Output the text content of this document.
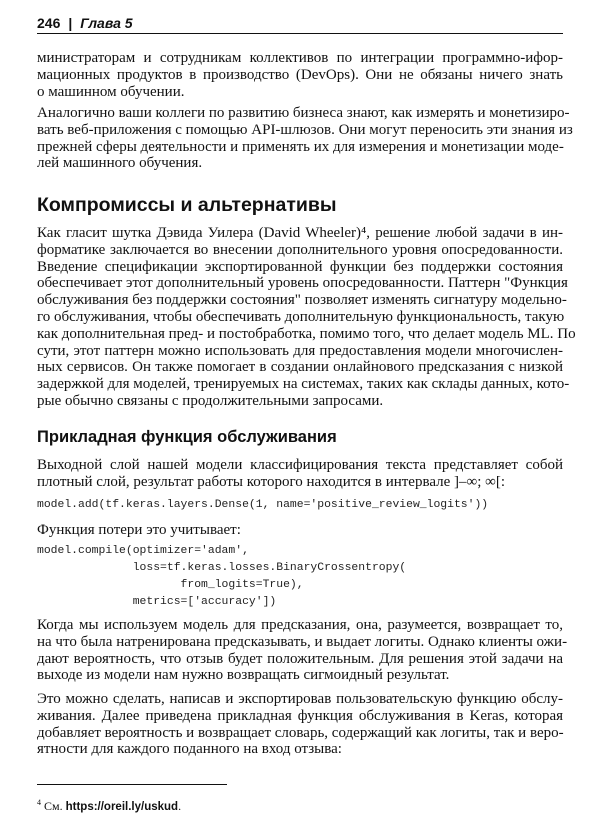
246 | Глава 5
министраторам и сотрудникам коллективов по интеграции программно-ифор-
мационных продуктов в производство (DevOps). Они не обязаны ничего знать
о машинном обучении.
Аналогично ваши коллеги по развитию бизнеса знают, как измерять и монетизиро-
вать веб-приложения с помощью API-шлюзов. Они могут переносить эти знания из
прежней сферы деятельности и применять их для измерения и монетизации моде-
лей машинного обучения.
Компромиссы и альтернативы
Как гласит шутка Дэвида Уилера (David Wheeler)⁴, решение любой задачи в ин-
форматике заключается во внесении дополнительного уровня опосредованности.
Введение спецификации экспортированной функции без поддержки состояния
обеспечивает этот дополнительный уровень опосредованности. Паттерн "Функция
обслуживания без поддержки состояния" позволяет изменять сигнатуру модельно-
го обслуживания, чтобы обеспечивать дополнительную функциональность, такую
как дополнительная пред- и постобработка, помимо того, что делает модель ML. По
сути, этот паттерн можно использовать для предоставления модели многочислен-
ных сервисов. Он также помогает в создании онлайнового предсказания с низкой
задержкой для моделей, тренируемых на системах, таких как склады данных, кото-
рые обычно связаны с продолжительными запросами.
Прикладная функция обслуживания
Выходной слой нашей модели классифицирования текста представляет собой
плотный слой, результат работы которого находится в интервале ]–∞; ∞[:
model.add(tf.keras.layers.Dense(1, name='positive_review_logits'))
Функция потери это учитывает:
model.compile(optimizer='adam',
loss=tf.keras.losses.BinaryCrossentropy(
from_logits=True),
metrics=['accuracy'])
Когда мы используем модель для предсказания, она, разумеется, возвращает то,
на что была натренирована предсказывать, и выдает логиты. Однако клиенты ожи-
дают вероятность, что отзыв будет положительным. Для решения этой задачи на
выходе из модели нам нужно возвращать сигмоидный результат.
Это можно сделать, написав и экспортировав пользовательскую функцию обслу-
живания. Далее приведена прикладная функция обслуживания в Keras, которая
добавляет вероятность и возвращает словарь, содержащий как логиты, так и веро-
ятности для каждого поданного на вход отзыва:
$^4$ См. https://oreil.ly/uskud.
